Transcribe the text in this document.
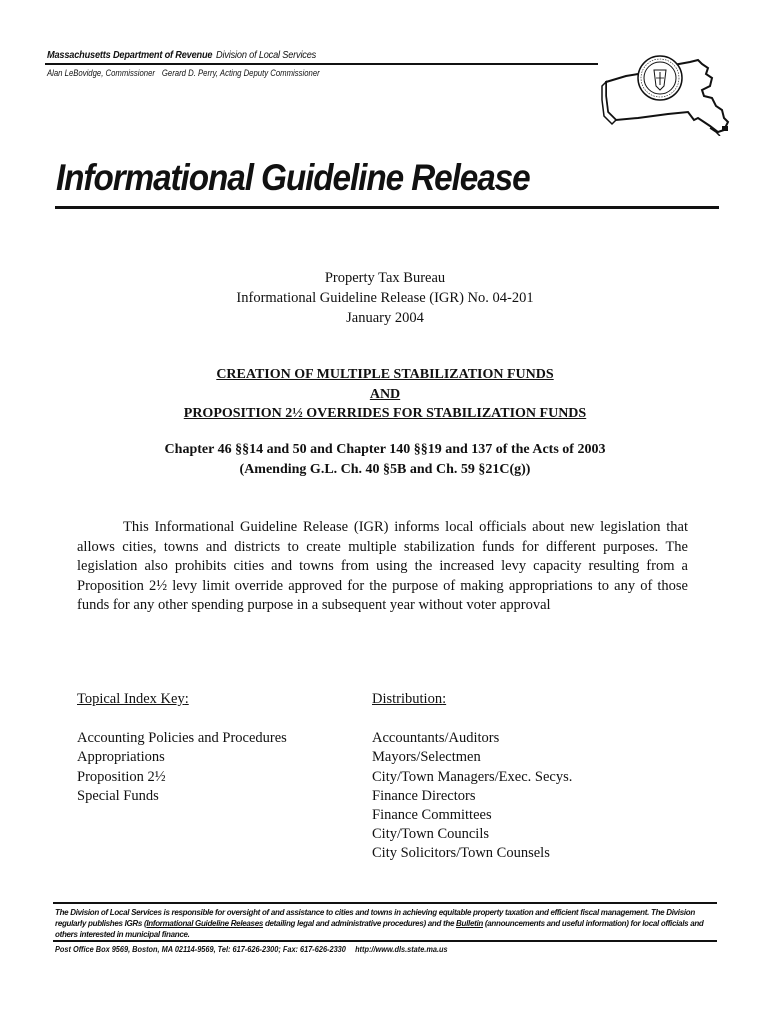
Massachusetts Department of Revenue Division of Local Services
Alan LeBovidge, Commissioner Gerard D. Perry, Acting Deputy Commissioner
Informational Guideline Release
Property Tax Bureau
Informational Guideline Release (IGR) No. 04-201
January 2004
CREATION OF MULTIPLE STABILIZATION FUNDS
AND
PROPOSITION 2½ OVERRIDES FOR STABILIZATION FUNDS
Chapter 46 §§14 and 50 and Chapter 140 §§19 and 137 of the Acts of 2003
(Amending G.L. Ch. 40 §5B and Ch. 59 §21C(g))

This Informational Guideline Release (IGR) informs local officials about new legislation that allows cities, towns and districts to create multiple stabilization funds for different purposes. The legislation also prohibits cities and towns from using the increased levy capacity resulting from a Proposition 2½ levy limit override approved for the purpose of making appropriations to any of those funds for any other spending purpose in a subsequent year without voter approval

Topical Index Key:
Accounting Policies and Procedures
Appropriations
Proposition 2½
Special Funds
Distribution:
Accountants/Auditors
Mayors/Selectmen
City/Town Managers/Exec. Secys.
Finance Directors
Finance Committees
City/Town Councils
City Solicitors/Town Counsels
The Division of Local Services is responsible for oversight of and assistance to cities and towns in achieving equitable property taxation and efficient fiscal management. The Division regularly publishes IGRs (Informational Guideline Releases detailing legal and administrative procedures) and the Bulletin (announcements and useful information) for local officials and others interested in municipal finance.
Post Office Box 9569, Boston, MA 02114-9569, Tel: 617-626-2300; Fax: 617-626-2330 http://www.dls.state.ma.us
